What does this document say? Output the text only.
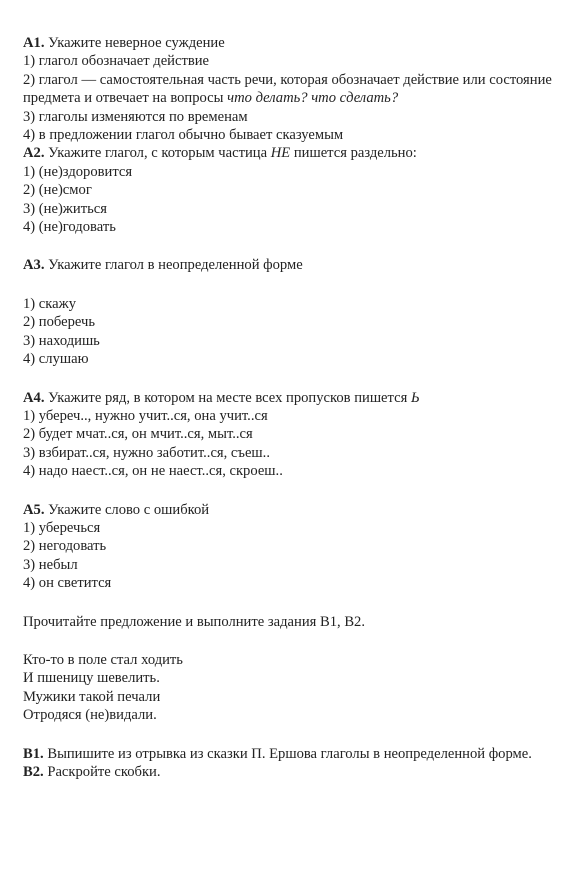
А1. Укажите неверное суждение
1) глагол обозначает действие
2) глагол — самостоятельная часть речи, которая обозначает действие или состояние предмета и отвечает на вопросы что делать? что сделать?
3) глаголы изменяются по временам
4) в предложении глагол обычно бывает сказуемым
А2. Укажите глагол, с которым частица НЕ пишется раздельно:
1) (не)здоровится
2) (не)смог
3) (не)житься
4) (не)годовать
А3. Укажите глагол в неопределенной форме
1) скажу
2) поберечь
3) находишь
4) слушаю
А4. Укажите ряд, в котором на месте всех пропусков пишется Ь
1) убереч.., нужно учит..ся, она учит..ся
2) будет мчат..ся, он мчит..ся, мыт..ся
3) взбират..ся, нужно заботит..ся, съеш..
4) надо наест..ся, он не наест..ся, скроеш..
А5. Укажите слово с ошибкой
1) уберечься
2) негодовать
3) небыл
4) он светится
Прочитайте предложение и выполните задания В1, В2.
Кто-то в поле стал ходить
И пшеницу шевелить.
Мужики такой печали
Отродяся (не)видали.
В1. Выпишите из отрывка из сказки П. Ершова глаголы в неопределенной форме.
В2. Раскройте скобки.
